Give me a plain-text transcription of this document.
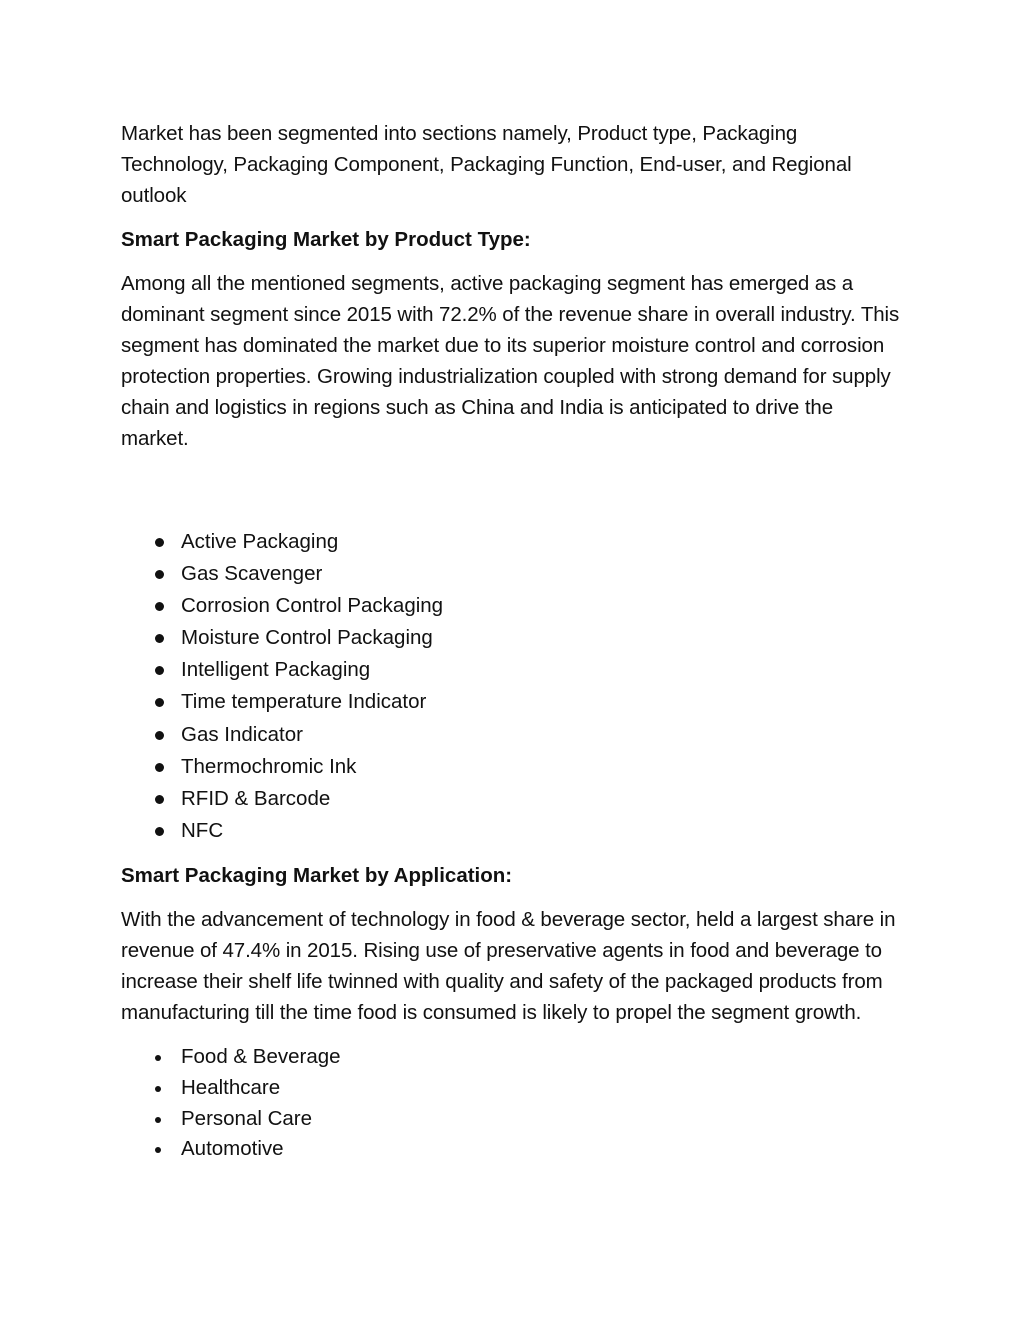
Market has been segmented into sections namely, Product type, Packaging Technology, Packaging Component, Packaging Function, End-user, and Regional outlook

Smart Packaging Market by Product Type:

Among all the mentioned segments, active packaging segment has emerged as a dominant segment since 2015 with 72.2% of the revenue share in overall industry. This segment has dominated the market due to its superior moisture control and corrosion protection properties. Growing industrialization coupled with strong demand for supply chain and logistics in regions such as China and India is anticipated to drive the market.

Active Packaging
Gas Scavenger
Corrosion Control Packaging
Moisture Control Packaging
Intelligent Packaging
Time temperature Indicator
Gas Indicator
Thermochromic Ink
RFID & Barcode
NFC
Smart Packaging Market by Application:

With the advancement of technology in food & beverage sector, held a largest share in revenue of 47.4% in 2015. Rising use of preservative agents in food and beverage to increase their shelf life twinned with quality and safety of the packaged products from manufacturing till the time food is consumed is likely to propel the segment growth.

Food & Beverage
Healthcare
Personal Care
Automotive
